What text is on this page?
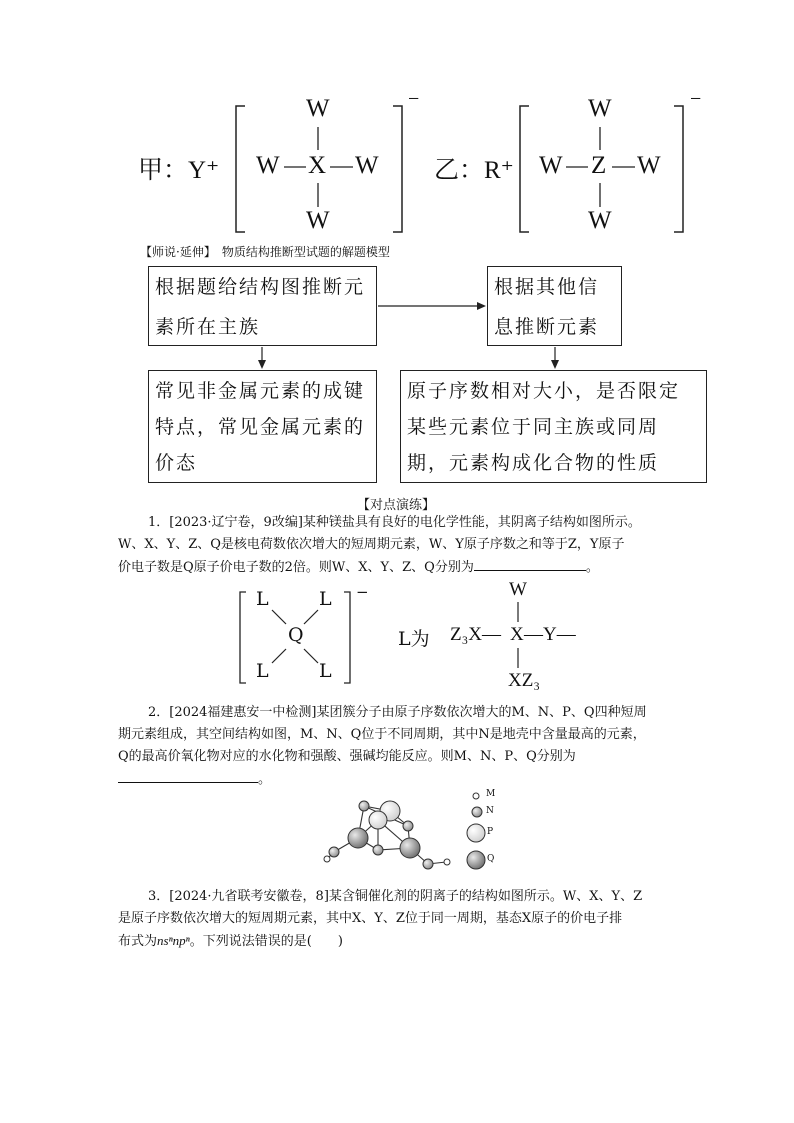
甲：Y⁺	乙：R⁺
W
W X W
W
−	W
W Z W
W
−
【师说·延伸】　物质结构推断型试题的解题模型
根据题给结构图推断元素所在主族
根据其他信息推断元素
常见非金属元素的成键特点，常见金属元素的价态
原子序数相对大小，是否限定某些元素位于同主族或同周期，元素构成化合物的性质
【对点演练】
1．[2023·辽宁卷，9改编]某种镁盐具有良好的电化学性能，其阴离子结构如图所示。
W、X、Y、Z、Q是核电荷数依次增大的短周期元素，W、Y原子序数之和等于Z，Y原子
价电子数是Q原子价电子数的2倍。则W、X、Y、Z、Q分别为	。
L	L
Q
L	L
−
L为 Z₃X— X —Y—
W
XZ₃
2．[2024福建惠安一中检测]某团簇分子由原子序数依次增大的M、N、P、Q四种短周
期元素组成，其空间结构如图，M、N、Q位于不同周期，其中N是地壳中含量最高的元素，
Q的最高价氧化物对应的水化物和强酸、强碱均能反应。则M、N、P、Q分别为
。
M
N
P
Q
3．[2024·九省联考安徽卷，8]某含铜催化剂的阴离子的结构如图所示。W、X、Y、Z
是原子序数依次增大的短周期元素，其中X、Y、Z位于同一周期，基态X原子的价电子排
布式为nsⁿnpⁿ。下列说法错误的是(　　)
